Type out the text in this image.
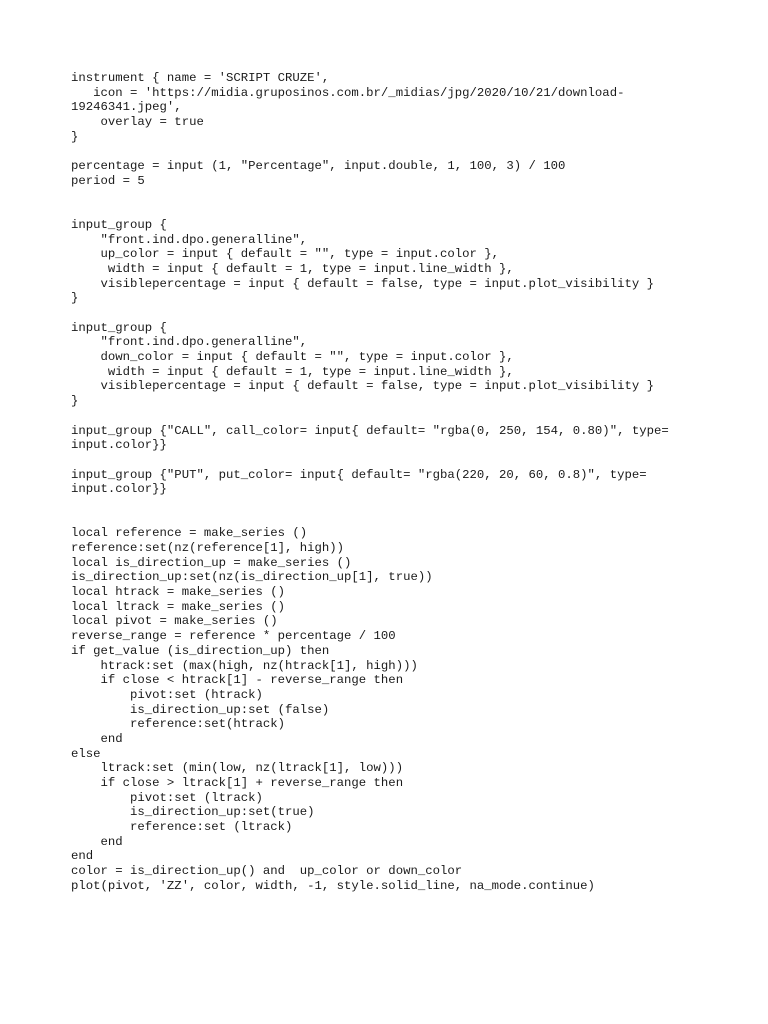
instrument { name = 'SCRIPT CRUZE',
icon = 'https://midia.gruposinos.com.br/_midias/jpg/2020/10/21/download-
19246341.jpeg',
overlay = true
}
percentage = input (1, "Percentage", input.double, 1, 100, 3) / 100
period = 5
input_group {
"front.ind.dpo.generalline",
up_color = input { default = "", type = input.color },
width = input { default = 1, type = input.line_width },
visiblepercentage = input { default = false, type = input.plot_visibility }
}
input_group {
"front.ind.dpo.generalline",
down_color = input { default = "", type = input.color },
width = input { default = 1, type = input.line_width },
visiblepercentage = input { default = false, type = input.plot_visibility }
}
input_group {"CALL", call_color= input{ default= "rgba(0, 250, 154, 0.80)", type=
input.color}}
input_group {"PUT", put_color= input{ default= "rgba(220, 20, 60, 0.8)", type=
input.color}}
local reference = make_series ()
reference:set(nz(reference[1], high))
local is_direction_up = make_series ()
is_direction_up:set(nz(is_direction_up[1], true))
local htrack = make_series ()
local ltrack = make_series ()
local pivot = make_series ()
reverse_range = reference * percentage / 100
if get_value (is_direction_up) then
htrack:set (max(high, nz(htrack[1], high)))
if close < htrack[1] - reverse_range then
pivot:set (htrack)
is_direction_up:set (false)
reference:set(htrack)
end
else
ltrack:set (min(low, nz(ltrack[1], low)))
if close > ltrack[1] + reverse_range then
pivot:set (ltrack)
is_direction_up:set(true)
reference:set (ltrack)
end
end
color = is_direction_up() and  up_color or down_color
plot(pivot, 'ZZ', color, width, -1, style.solid_line, na_mode.continue)
